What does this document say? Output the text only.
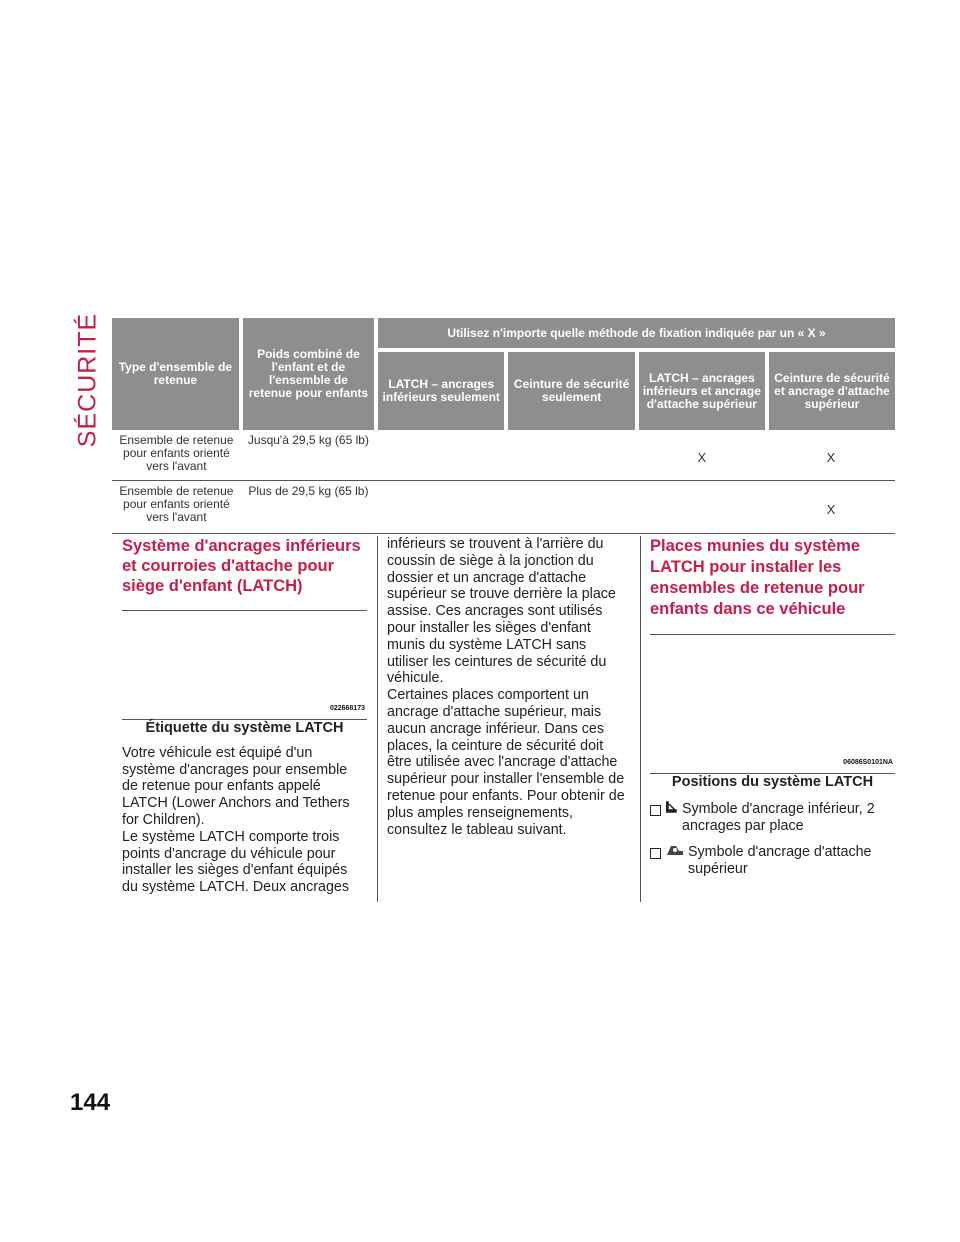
SÉCURITÉ Type d'ensemble de retenue	Poids combiné de l'enfant et de l'ensemble de retenue pour enfants	Utilisez n'importe quelle méthode de fixation indiquée par un « X »			
		LATCH – ancrages inférieurs seulement	Ceinture de sécurité seulement	LATCH – ancrages inférieurs et ancrage d'attache supérieur	Ceinture de sécurité et ancrage d'attache supérieur
Ensemble de retenue pour enfants orienté vers l'avant	Jusqu'à 29,5 kg (65 lb)			X	X
Ensemble de retenue pour enfants orienté vers l'avant	Plus de 29,5 kg (65 lb)				X
Système d'ancrages inférieurs et courroies d'attache pour siège d'enfant (LATCH)
022668173

Étiquette du système LATCH

Votre véhicule est équipé d'un système d'ancrages pour ensemble de retenue pour enfants appelé LATCH (Lower Anchors and Tethers for Children).

Le système LATCH comporte trois points d'ancrage du véhicule pour installer les sièges d'enfant équipés du système LATCH. Deux ancrages

inférieurs se trouvent à l'arrière du coussin de siège à la jonction du dossier et un ancrage d'attache supérieur se trouve derrière la place assise. Ces ancrages sont utilisés pour installer les sièges d'enfant munis du système LATCH sans utiliser les ceintures de sécurité du véhicule.

Certaines places comportent un ancrage d'attache supérieur, mais aucun ancrage inférieur. Dans ces places, la ceinture de sécurité doit être utilisée avec l'ancrage d'attache supérieur pour installer l'ensemble de retenue pour enfants. Pour obtenir de plus amples renseignements, consultez le tableau suivant.

Places munies du système LATCH pour installer les ensembles de retenue pour enfants dans ce véhicule
06086S0101NA

Positions du système LATCH

Symbole d'ancrage inférieur, 2 ancrages par place
Symbole d'ancrage d'attache supérieur
144
